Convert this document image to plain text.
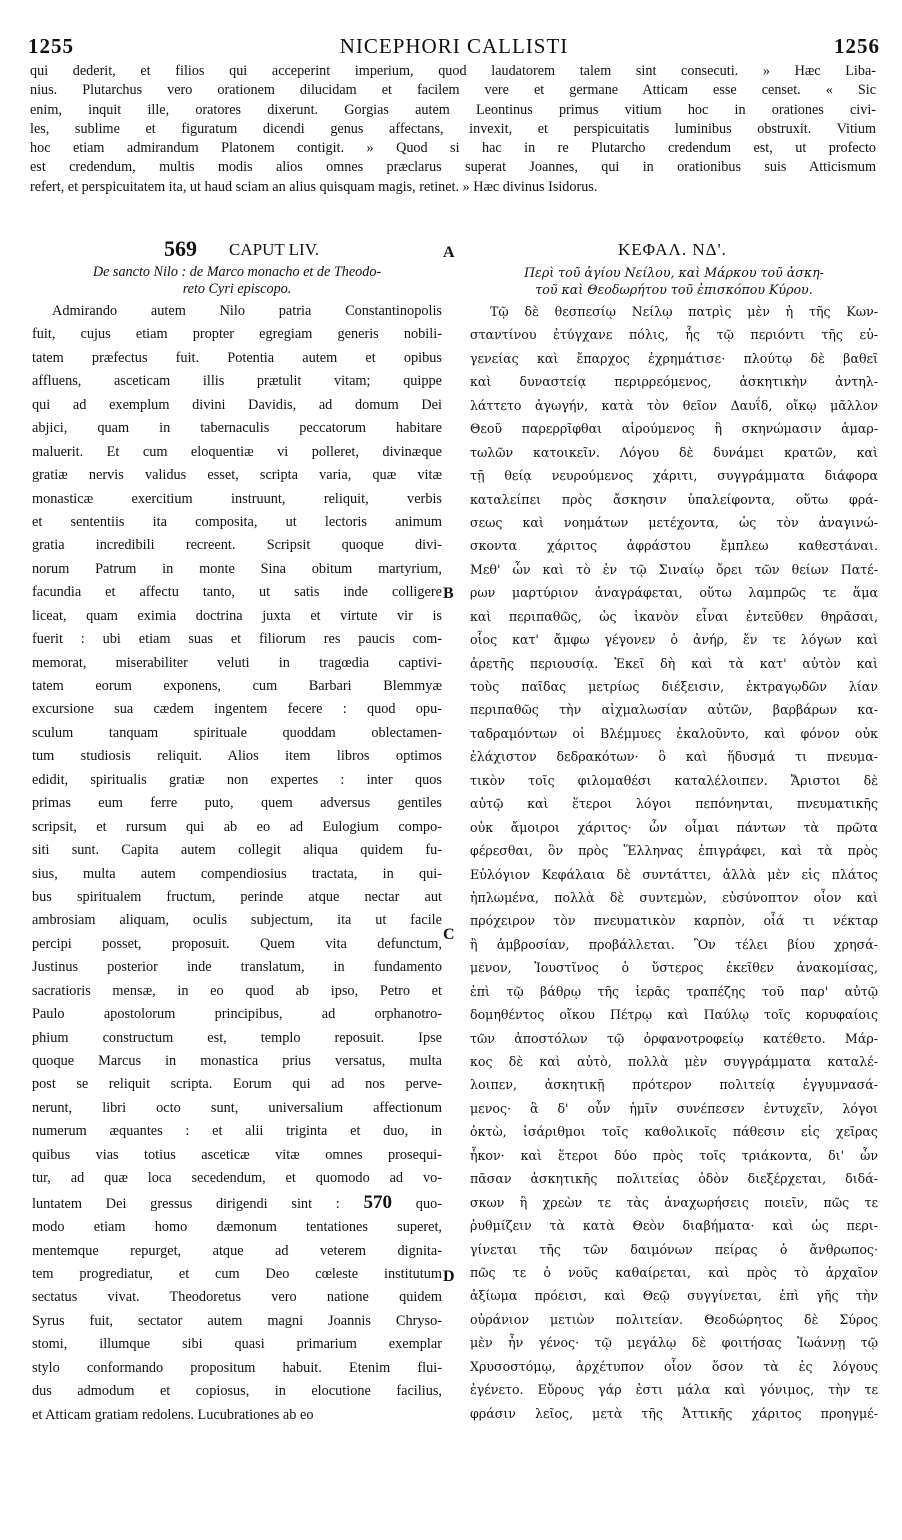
1255	NICEPHORI CALLISTI	1256
qui dederit, et filios qui acceperint imperium, quod laudatorem talem sint consecuti. » Hæc Liba-
nius. Plutarchus vero orationem dilucidam et facilem vere et germane Atticam esse censet. « Sic
enim, inquit ille, oratores dixerunt. Gorgias autem Leontinus primus vitium hoc in orationes civi-
les, sublime et figuratum dicendi genus affectans, invexit, et perspicuitatis luminibus obstruxit. Vitium
hoc etiam admirandum Platonem contigit. » Quod si hac in re Plutarcho credendum est, ut profecto
est credendum, multis modis alios omnes præclarus superat Joannes, qui in orationibus suis Atticismum
refert, et perspicuitatem ita, ut haud sciam an alius quisquam magis, retinet. » Hæc divinus Isidorus.
569 CAPUT LIV.
De sancto Nilo : de Marco monacho et de Theodo-
reto Cyri episcopo.
Admirando autem Nilo patria Constantinopolis
fuit, cujus etiam propter egregiam generis nobili-
tatem præfectus fuit. Potentia autem et opibus
affluens, asceticam illis prætulit vitam; quippe
qui ad exemplum divini Davidis, ad domum Dei
abjici, quam in tabernaculis peccatorum habitare
maluerit. Et cum eloquentiæ vi polleret, divinæque
gratiæ nervis validus esset, scripta varia, quæ vitæ
monasticæ exercitium instruunt, reliquit, verbis
et sententiis ita composita, ut lectoris animum
gratia incredibili recreent. Scripsit quoque divi-
norum Patrum in monte Sina obitum martyrium,
facundia et affectu tanto, ut satis inde colligere
liceat, quam eximia doctrina juxta et virtute vir is
fuerit : ubi etiam suas et filiorum res paucis com-
memorat, miserabiliter veluti in tragœdia captivi-
tatem eorum exponens, cum Barbari Blemmyæ
excursione sua cædem ingentem fecere : quod opu-
sculum tanquam spirituale quoddam oblectamen-
tum studiosis reliquit. Alios item libros optimos
edidit, spiritualis gratiæ non expertes : inter quos
primas eum ferre puto, quem adversus gentiles
scripsit, et rursum qui ab eo ad Eulogium compo-
siti sunt. Capita autem collegit aliqua quidem fu-
sius, multa autem compendiosius tractata, in qui-
bus spiritualem fructum, perinde atque nectar aut
ambrosiam aliquam, oculis subjectum, ita ut facile
percipi posset, proposuit. Quem vita defunctum,
Justinus posterior inde translatum, in fundamento
sacratioris mensæ, in eo quod ab ipso, Petro et
Paulo apostolorum principibus, ad orphanotro-
phium constructum est, templo reposuit. Ipse
quoque Marcus in monastica prius versatus, multa
post se reliquit scripta. Eorum qui ad nos perve-
nerunt, libri octo sunt, universalium affectionum
numerum æquantes : et alii triginta et duo, in
quibus vias totius asceticæ vitæ omnes prosequi-
tur, ad quæ loca secedendum, et quomodo ad vo-
luntatem Dei gressus dirigendi sint : 570 quo-
modo etiam homo dæmonum tentationes superet,
mentemque repurget, atque ad veterem dignita-
tem progrediatur, et cum Deo cœleste institutum
sectatus vivat. Theodoretus vero natione quidem
Syrus fuit, sectator autem magni Joannis Chryso-
stomi, illumque sibi quasi primarium exemplar
stylo conformando propositum habuit. Etenim flui-
dus admodum et copiosus, in elocutione facilius,
et Atticam gratiam redolens. Lucubrationes ab eo
A
B
C
D
ΚΕΦΑΛ. ΝΔ'.
Περὶ τοῦ ἁγίου Νείλου, καὶ Μάρκου τοῦ ἀσκη-
τοῦ καὶ Θεοδωρήτου τοῦ ἐπισκόπου Κύρου.
Τῷ δὲ θεσπεσίῳ Νείλῳ πατρὶς μὲν ἡ τῆς Κων-
σταντίνου ἐτύγχανε πόλις, ἧς τῷ περιόντι τῆς εὐ-
γενείας καὶ ἔπαρχος ἐχρημάτισε· πλούτῳ δὲ βαθεῖ
καὶ δυναστείᾳ περιρρεόμενος, ἀσκητικὴν ἀντηλ-
λάττετο ἀγωγήν, κατὰ τὸν θεῖον Δαυΐδ, οἴκῳ μᾶλλον
Θεοῦ παρερρῖφθαι αἱρούμενος ἢ σκηνώμασιν ἁμαρ-
τωλῶν κατοικεῖν. Λόγου δὲ δυνάμει κρατῶν, καὶ
τῇ θείᾳ νευρούμενος χάριτι, συγγράμματα διάφορα
καταλείπει πρὸς ἄσκησιν ὑπαλείφοντα, οὕτω φρά-
σεως καὶ νοημάτων μετέχοντα, ὡς τὸν ἀναγινώ-
σκοντα χάριτος ἀφράστου ἔμπλεω καθεστάναι.
Μεθ' ὧν καὶ τὸ ἐν τῷ Σιναίῳ ὄρει τῶν θείων Πατέ-
ρων μαρτύριον ἀναγράφεται, οὕτω λαμπρῶς τε ἅμα
καὶ περιπαθῶς, ὡς ἱκανὸν εἶναι ἐντεῦθεν θηρᾶσαι,
οἷος κατ' ἄμφω γέγονεν ὁ ἀνήρ, ἔν τε λόγων καὶ
ἀρετῆς περιουσίᾳ. Ἐκεῖ δὴ καὶ τὰ κατ' αὐτὸν καὶ
τοὺς παῖδας μετρίως διέξεισιν, ἐκτραγῳδῶν λίαν
περιπαθῶς τὴν αἰχμαλωσίαν αὐτῶν, βαρβάρων κα-
ταδραμόντων οἱ Βλέμμυες ἐκαλοῦντο, καὶ φόνον οὐκ
ἐλάχιστον δεδρακότων· ὃ καὶ ἥδυσμά τι πνευμα-
τικὸν τοῖς φιλομαθέσι καταλέλοιπεν. Ἄριστοι δὲ
αὐτῷ καὶ ἕτεροι λόγοι πεπόνηνται, πνευματικῆς
οὐκ ἄμοιροι χάριτος· ὧν οἶμαι πάντων τὰ πρῶτα
φέρεσθαι, ὃν πρὸς Ἕλληνας ἐπιγράφει, καὶ τὰ πρὸς
Εὐλόγιον Κεφάλαια δὲ συντάττει, ἀλλὰ μὲν εἰς πλάτος
ἡπλωμένα, πολλὰ δὲ συντεμὼν, εὐσύνοπτον οἷον καὶ
πρόχειρον τὸν πνευματικὸν καρπὸν, οἷά τι νέκταρ
ἢ ἀμβροσίαν, προβάλλεται. Ὃν τέλει βίου χρησά-
μενον, Ἰουστῖνος ὁ ὕστερος ἐκεῖθεν ἀνακομίσας,
ἐπὶ τῷ βάθρῳ τῆς ἱερᾶς τραπέζης τοῦ παρ' αὐτῷ
δομηθέντος οἴκου Πέτρῳ καὶ Παύλῳ τοῖς κορυφαίοις
τῶν ἀποστόλων τῷ ὀρφανοτροφείῳ κατέθετο. Μάρ-
κος δὲ καὶ αὐτὸ, πολλὰ μὲν συγγράμματα καταλέ-
λοιπεν, ἀσκητικῇ πρότερον πολιτείᾳ ἐγγυμνασά-
μενος· ἃ δ' οὖν ἡμῖν συνέπεσεν ἐντυχεῖν, λόγοι
ὀκτὼ, ἰσάριθμοι τοῖς καθολικοῖς πάθεσιν εἰς χεῖρας
ἧκον· καὶ ἕτεροι δύο πρὸς τοῖς τριάκοντα, δι' ὧν
πᾶσαν ἀσκητικῆς πολιτείας ὁδὸν διεξέρχεται, διδά-
σκων ἢ χρεὼν τε τὰς ἀναχωρήσεις ποιεῖν, πῶς τε
ῥυθμίζειν τὰ κατὰ Θεὸν διαβήματα· καὶ ὡς περι-
γίνεται τῆς τῶν δαιμόνων πείρας ὁ ἄνθρωπος·
πῶς τε ὁ νοῦς καθαίρεται, καὶ πρὸς τὸ ἀρχαῖον
ἀξίωμα πρόεισι, καὶ Θεῷ συγγίνεται, ἐπὶ γῆς τὴν
οὐράνιον μετιὼν πολιτείαν. Θεοδώρητος δὲ Σύρος
μὲν ἦν γένος· τῷ μεγάλῳ δὲ φοιτήσας Ἰωάννῃ τῷ
Χρυσοστόμῳ, ἀρχέτυπον οἷον ὅσον τὰ ἐς λόγους
ἐγένετο. Εὔρους γάρ ἐστι μάλα καὶ γόνιμος, τὴν τε
φράσιν λεῖος, μετὰ τῆς Ἀττικῆς χάριτος προηγμέ-
